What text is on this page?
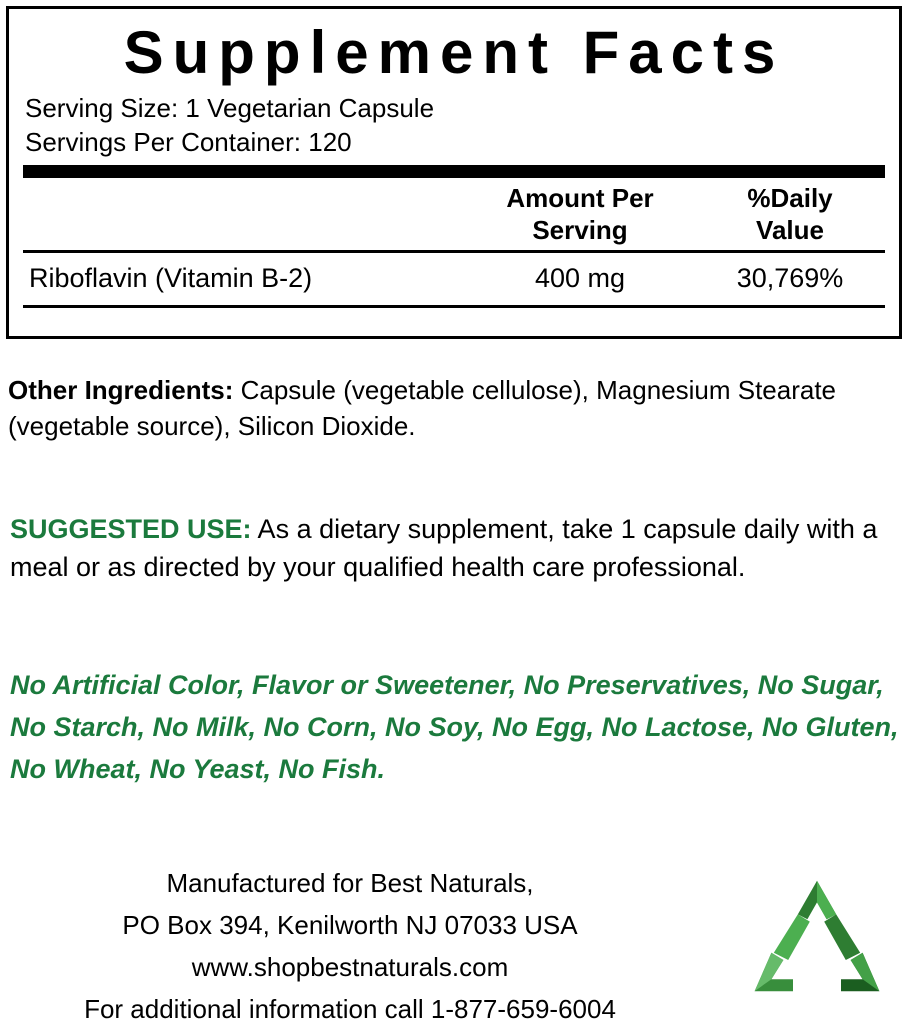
Supplement Facts
Serving Size: 1 Vegetarian Capsule
Servings Per Container: 120
Amount Per
Serving
%Daily
Value
Riboflavin (Vitamin B-2)	400 mg	30,769%
Other Ingredients: Capsule (vegetable cellulose), Magnesium Stearate (vegetable source), Silicon Dioxide.
SUGGESTED USE: As a dietary supplement, take 1 capsule daily with a meal or as directed by your qualified health care professional.
No Artificial Color, Flavor or Sweetener, No Preservatives, No Sugar, No Starch, No Milk, No Corn, No Soy, No Egg, No Lactose, No Gluten, No Wheat, No Yeast, No Fish.
Manufactured for Best Naturals,
PO Box 394, Kenilworth NJ 07033 USA
www.shopbestnaturals.com
For additional information call 1-877-659-6004
